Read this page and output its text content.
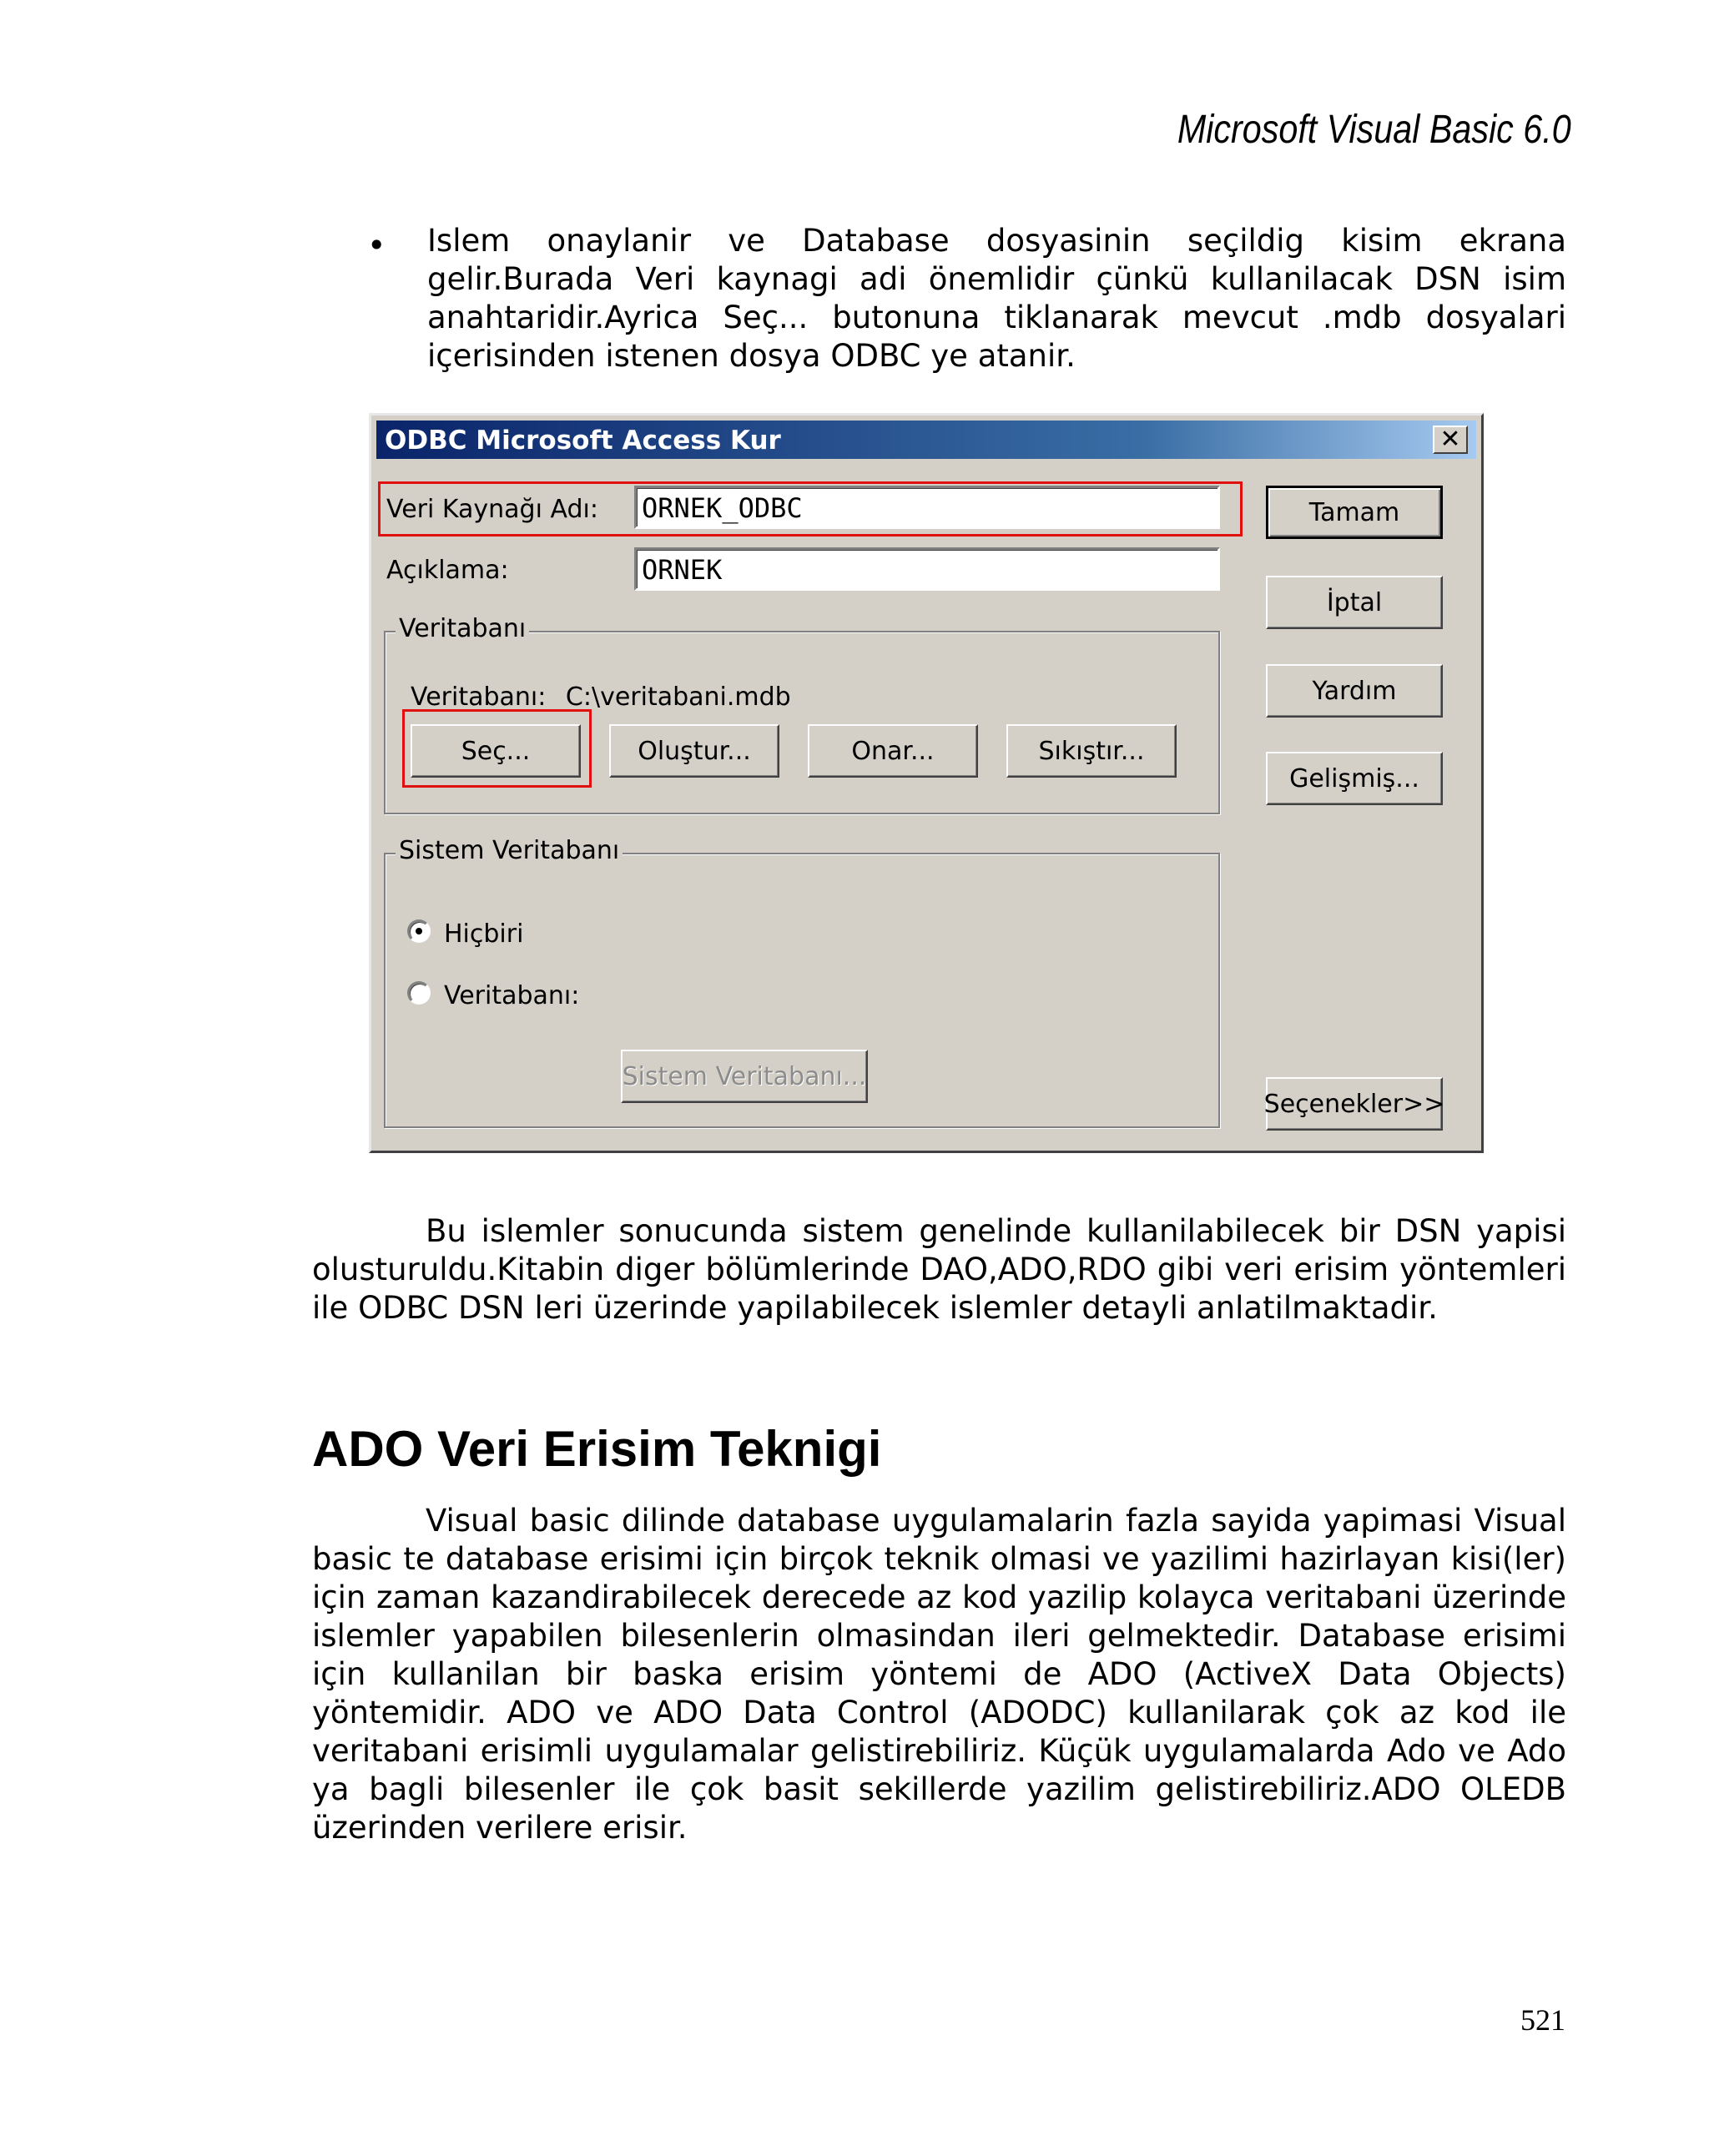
Microsoft Visual Basic 6.0
• Islem onaylanir ve Database dosyasinin seçildig kisim ekrana gelir.Burada Veri kaynagi adi önemlidir çünkü kullanilacak DSN isim anahtaridir.Ayrica Seç... butonuna tiklanarak mevcut .mdb dosyalari içerisinden istenen dosya ODBC ye atanir.
ODBC Microsoft Access Kur	✕
Veri Kaynağı Adı: ORNEK_ODBC
Açıklama:	ORNEK
Tamam
İptal
Yardım
Gelişmiş...
Seçenekler>>
Veritabanı
Veritabanı: C:\veritabani.mdb
Seç...	Oluştur...	Onar...	Sıkıştır...
Sistem Veritabanı
Hiçbiri
Veritabanı:
Sistem Veritabanı...
Bu islemler sonucunda sistem genelinde kullanilabilecek bir DSN yapisi olusturuldu.Kitabin diger bölümlerinde DAO,ADO,RDO gibi veri erisim yöntemleri ile ODBC DSN leri üzerinde yapilabilecek islemler detayli anlatilmaktadir.
ADO Veri Erisim Teknigi
Visual basic dilinde database uygulamalarin fazla sayida yapimasi Visual basic te database erisimi için birçok teknik olmasi ve yazilimi hazirlayan kisi(ler) için zaman kazandirabilecek derecede az kod yazilip kolayca veritabani üzerinde islemler yapabilen bilesenlerin olmasindan ileri gelmektedir. Database erisimi için kullanilan bir baska erisim yöntemi de ADO (ActiveX Data Objects) yöntemidir. ADO ve ADO Data Control (ADODC) kullanilarak çok az kod ile veritabani erisimli uygulamalar gelistirebiliriz. Küçük uygulamalarda Ado ve Ado ya bagli bilesenler ile çok basit sekillerde yazilim gelistirebiliriz.ADO OLEDB üzerinden verilere erisir.
521
